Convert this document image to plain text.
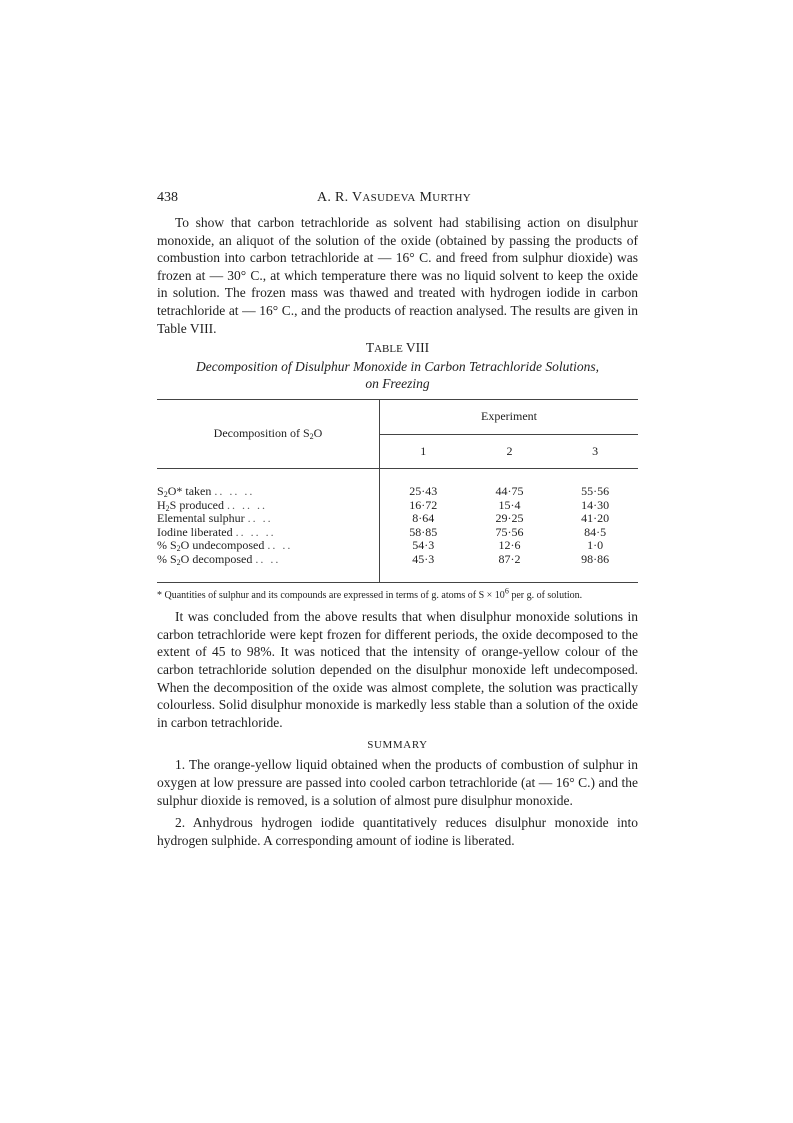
438	A. R. VASUDEVA MURTHY

To show that carbon tetrachloride as solvent had stabilising action on disulphur monoxide, an aliquot of the solution of the oxide (obtained by passing the products of combustion into carbon tetrachloride at — 16° C. and freed from sulphur dioxide) was frozen at — 30° C., at which temperature there was no liquid solvent to keep the oxide in solution. The frozen mass was thawed and treated with hydrogen iodide in carbon tetrachloride at — 16° C., and the products of reaction analysed. The results are given in Table VIII.

TABLE VIII
Decomposition of Disulphur Monoxide in Carbon Tetrachloride Solutions,
on Freezing
Decomposition of $S_2O$	Experiment		
	1	2	3

$S_2O*$ taken .. .. ..	25·43	44·75	55·56
$H_2S$ produced .. .. ..	16·72	15·4	14·30
Elemental sulphur .. ..	8·64	29·25	41·20
Iodine liberated .. .. ..	58·85	75·56	84·5
% $S_2O$ undecomposed .. ..	54·3	12·6	1·0
% $S_2O$ decomposed .. ..	45·3	87·2	98·86

* Quantities of sulphur and its compounds are expressed in terms of g. atoms of $S \times 10^6$ per g. of solution.

It was concluded from the above results that when disulphur monoxide solutions in carbon tetrachloride were kept frozen for different periods, the oxide decomposed to the extent of 45 to 98%. It was noticed that the intensity of orange-yellow colour of the carbon tetrachloride solution depended on the disulphur monoxide left undecomposed. When the decomposition of the oxide was almost complete, the solution was practically colourless. Solid disulphur monoxide is markedly less stable than a solution of the oxide in carbon tetrachloride.

SUMMARY

1. The orange-yellow liquid obtained when the products of combustion of sulphur in oxygen at low pressure are passed into cooled carbon tetrachloride (at — 16° C.) and the sulphur dioxide is removed, is a solution of almost pure disulphur monoxide.

2. Anhydrous hydrogen iodide quantitatively reduces disulphur monoxide into hydrogen sulphide. A corresponding amount of iodine is liberated.
